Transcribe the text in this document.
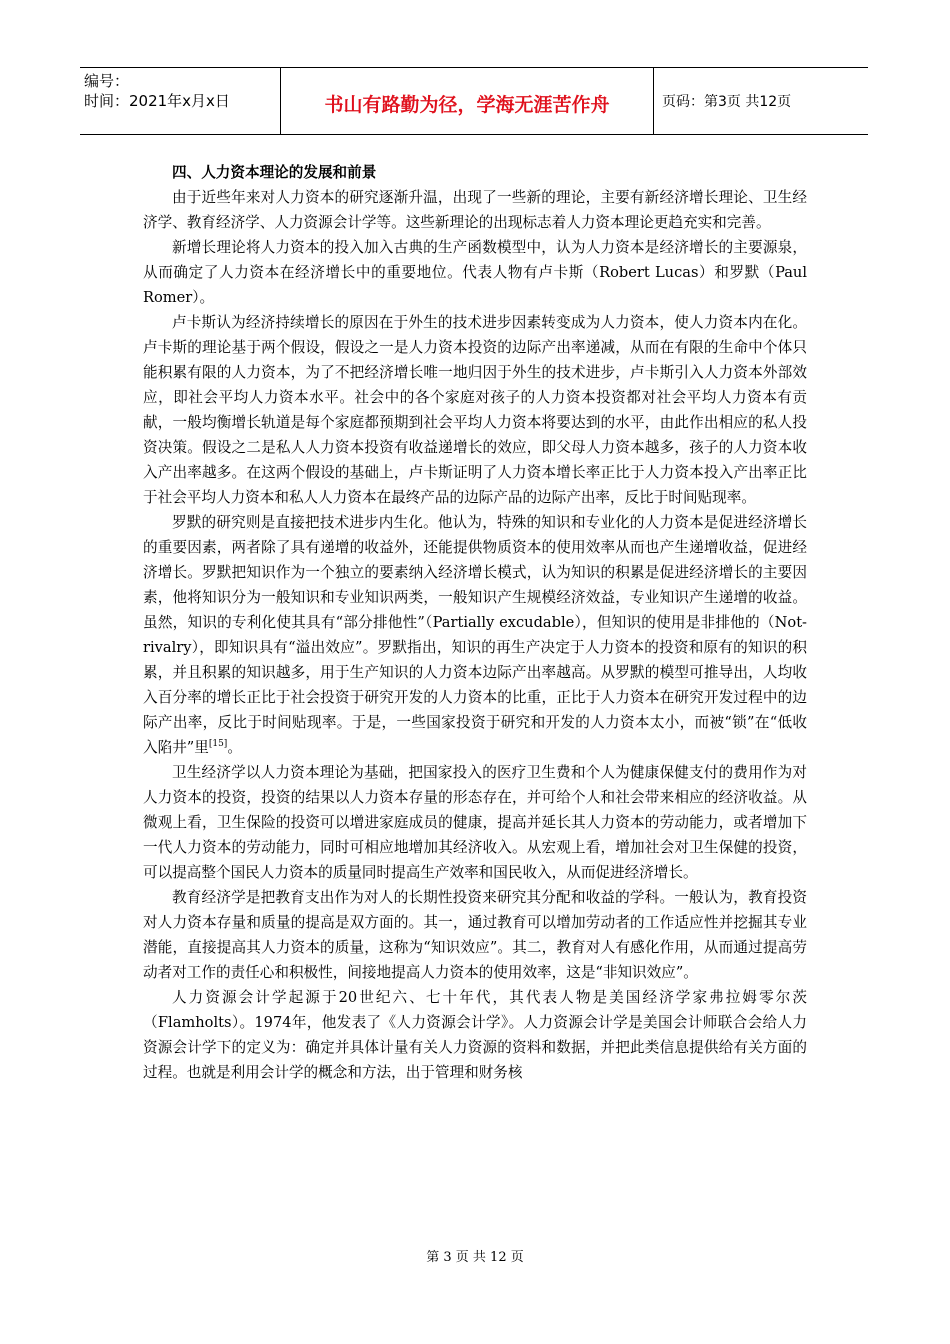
编号：
时间：2021年x月x日	书山有路勤为径，学海无涯苦作舟	页码：第3页 共12页

四、人力资本理论的发展和前景

由于近些年来对人力资本的研究逐渐升温，出现了一些新的理论，主要有新经济增长理论、卫生经济学、教育经济学、人力资源会计学等。这些新理论的出现标志着人力资本理论更趋充实和完善。

新增长理论将人力资本的投入加入古典的生产函数模型中，认为人力资本是经济增长的主要源泉，从而确定了人力资本在经济增长中的重要地位。代表人物有卢卡斯（Robert Lucas）和罗默（Paul Romer）。

卢卡斯认为经济持续增长的原因在于外生的技术进步因素转变成为人力资本，使人力资本内在化。卢卡斯的理论基于两个假设，假设之一是人力资本投资的边际产出率递减，从而在有限的生命中个体只能积累有限的人力资本，为了不把经济增长唯一地归因于外生的技术进步，卢卡斯引入人力资本外部效应，即社会平均人力资本水平。社会中的各个家庭对孩子的人力资本投资都对社会平均人力资本有贡献，一般均衡增长轨道是每个家庭都预期到社会平均人力资本将要达到的水平，由此作出相应的私人投资决策。假设之二是私人人力资本投资有收益递增长的效应，即父母人力资本越多，孩子的人力资本收入产出率越多。在这两个假设的基础上，卢卡斯证明了人力资本增长率正比于人力资本投入产出率正比于社会平均人力资本和私人人力资本在最终产品的边际产品的边际产出率，反比于时间贴现率。

罗默的研究则是直接把技术进步内生化。他认为，特殊的知识和专业化的人力资本是促进经济增长的重要因素，两者除了具有递增的收益外，还能提供物质资本的使用效率从而也产生递增收益，促进经济增长。罗默把知识作为一个独立的要素纳入经济增长模式，认为知识的积累是促进经济增长的主要因素，他将知识分为一般知识和专业知识两类，一般知识产生规模经济效益，专业知识产生递增的收益。虽然，知识的专利化使其具有“部分排他性”（Partially excudable），但知识的使用是非排他的（Not-rivalry），即知识具有“溢出效应”。罗默指出，知识的再生产决定于人力资本的投资和原有的知识的积累，并且积累的知识越多，用于生产知识的人力资本边际产出率越高。从罗默的模型可推导出，人均收入百分率的增长正比于社会投资于研究开发的人力资本的比重，正比于人力资本在研究开发过程中的边际产出率，反比于时间贴现率。于是，一些国家投资于研究和开发的人力资本太小，而被“锁”在“低收入陷井”里[15]。

卫生经济学以人力资本理论为基础，把国家投入的医疗卫生费和个人为健康保健支付的费用作为对人力资本的投资，投资的结果以人力资本存量的形态存在，并可给个人和社会带来相应的经济收益。从微观上看，卫生保险的投资可以增进家庭成员的健康，提高并延长其人力资本的劳动能力，或者增加下一代人力资本的劳动能力，同时可相应地增加其经济收入。从宏观上看，增加社会对卫生保健的投资，可以提高整个国民人力资本的质量同时提高生产效率和国民收入，从而促进经济增长。

教育经济学是把教育支出作为对人的长期性投资来研究其分配和收益的学科。一般认为，教育投资对人力资本存量和质量的提高是双方面的。其一，通过教育可以增加劳动者的工作适应性并挖掘其专业潜能，直接提高其人力资本的质量，这称为“知识效应”。其二，教育对人有感化作用，从而通过提高劳动者对工作的责任心和积极性，间接地提高人力资本的使用效率，这是“非知识效应”。

人力资源会计学起源于20世纪六、七十年代，其代表人物是美国经济学家弗拉姆零尔茨（Flamholts）。1974年，他发表了《人力资源会计学》。人力资源会计学是美国会计师联合会给人力资源会计学下的定义为：确定并具体计量有关人力资源的资料和数据，并把此类信息提供给有关方面的过程。也就是利用会计学的概念和方法，出于管理和财务核

第 3 页 共 12 页
